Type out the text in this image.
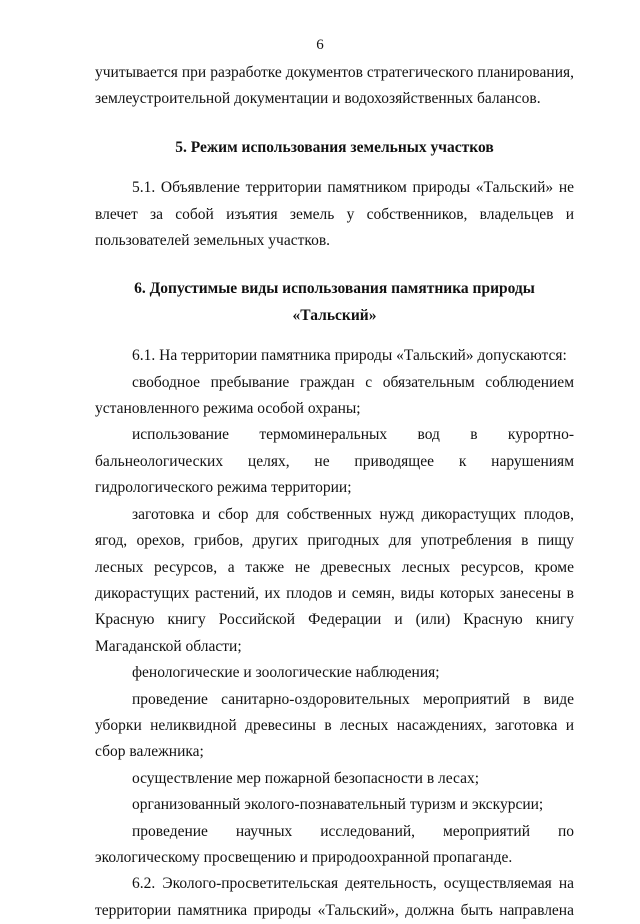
6

учитывается при разработке документов стратегического планирования, землеустроительной документации и водохозяйственных балансов.

5. Режим использования земельных участков

5.1. Объявление территории памятником природы «Тальский» не влечет за собой изъятия земель у собственников, владельцев и пользователей земельных участков.

6. Допустимые виды использования памятника природы «Тальский»

6.1. На территории памятника природы «Тальский» допускаются:

свободное пребывание граждан с обязательным соблюдением установленного режима особой охраны;

использование термоминеральных вод в курортно-бальнеологических целях, не приводящее к нарушениям гидрологического режима территории;

заготовка и сбор для собственных нужд дикорастущих плодов, ягод, орехов, грибов, других пригодных для употребления в пищу лесных ресурсов, а также не древесных лесных ресурсов, кроме дикорастущих растений, их плодов и семян, виды которых занесены в Красную книгу Российской Федерации и (или) Красную книгу Магаданской области;

фенологические и зоологические наблюдения;

проведение санитарно-оздоровительных мероприятий в виде уборки неликвидной древесины в лесных насаждениях, заготовка и сбор валежника;

осуществление мер пожарной безопасности в лесах;

организованный эколого-познавательный туризм и экскурсии;

проведение научных исследований, мероприятий по экологическому просвещению и природоохранной пропаганде.

6.2. Эколого-просветительская деятельность, осуществляемая на территории памятника природы «Тальский», должна быть направлена
